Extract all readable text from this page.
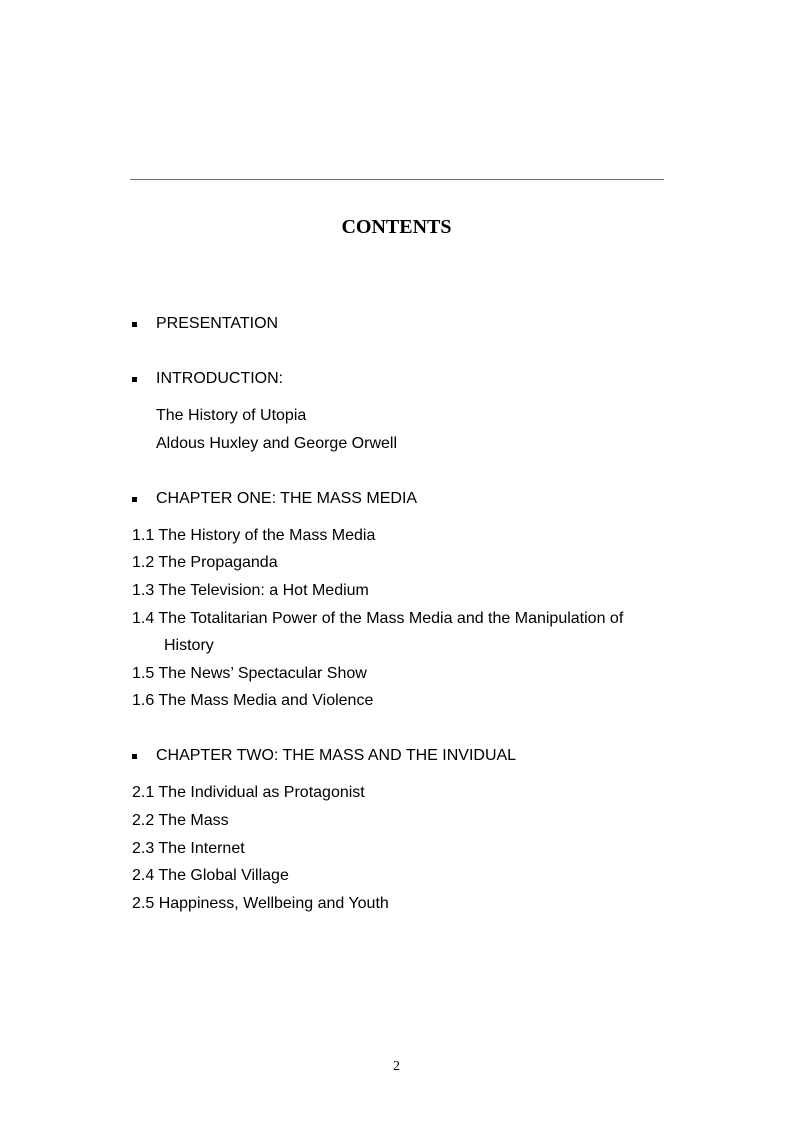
CONTENTS
PRESENTATION
INTRODUCTION:
The History of Utopia
Aldous Huxley and George Orwell
CHAPTER ONE: THE MASS MEDIA
1.1 The History of the Mass Media
1.2 The Propaganda
1.3 The Television: a Hot Medium
1.4 The Totalitarian Power of the Mass Media and the Manipulation of
History
1.5 The News’ Spectacular Show
1.6 The Mass Media and Violence
CHAPTER TWO: THE MASS AND THE INVIDUAL
2.1 The Individual as Protagonist
2.2 The Mass
2.3 The Internet
2.4 The Global Village
2.5 Happiness, Wellbeing and Youth
2
